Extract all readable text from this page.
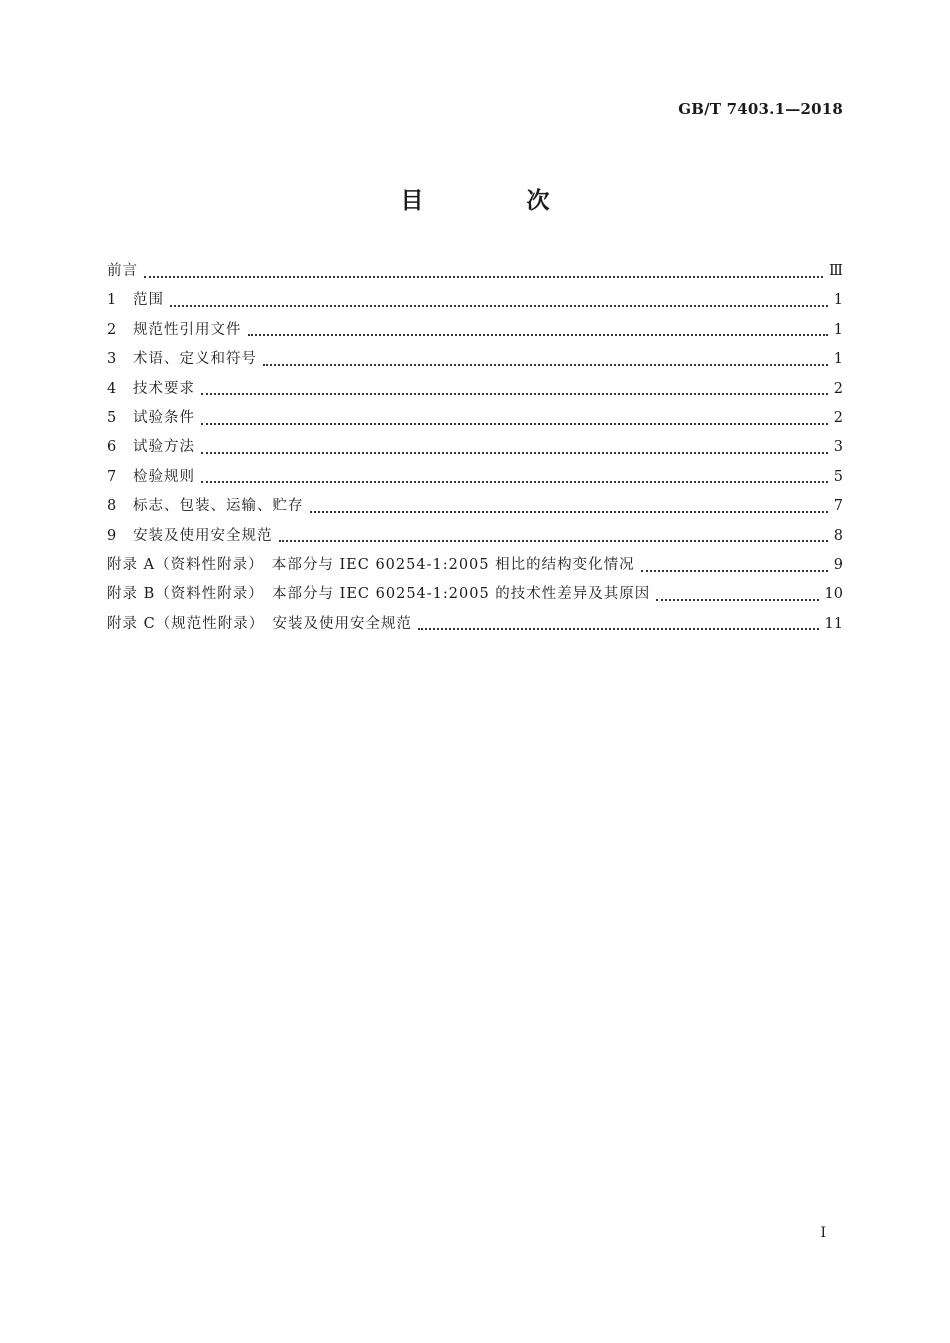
GB/T 7403.1—2018
目　次
前言	Ⅲ
1	范围	1
2	规范性引用文件	1
3	术语、定义和符号	1
4	技术要求	2
5	试验条件	2
6	试验方法	3
7	检验规则	5
8	标志、包装、运输、贮存	7
9	安装及使用安全规范	8
附录 A（资料性附录）　本部分与 IEC 60254-1:2005 相比的结构变化情况	9
附录 B（资料性附录）　本部分与 IEC 60254-1:2005 的技术性差异及其原因	10
附录 C（规范性附录）　安装及使用安全规范	11
I
